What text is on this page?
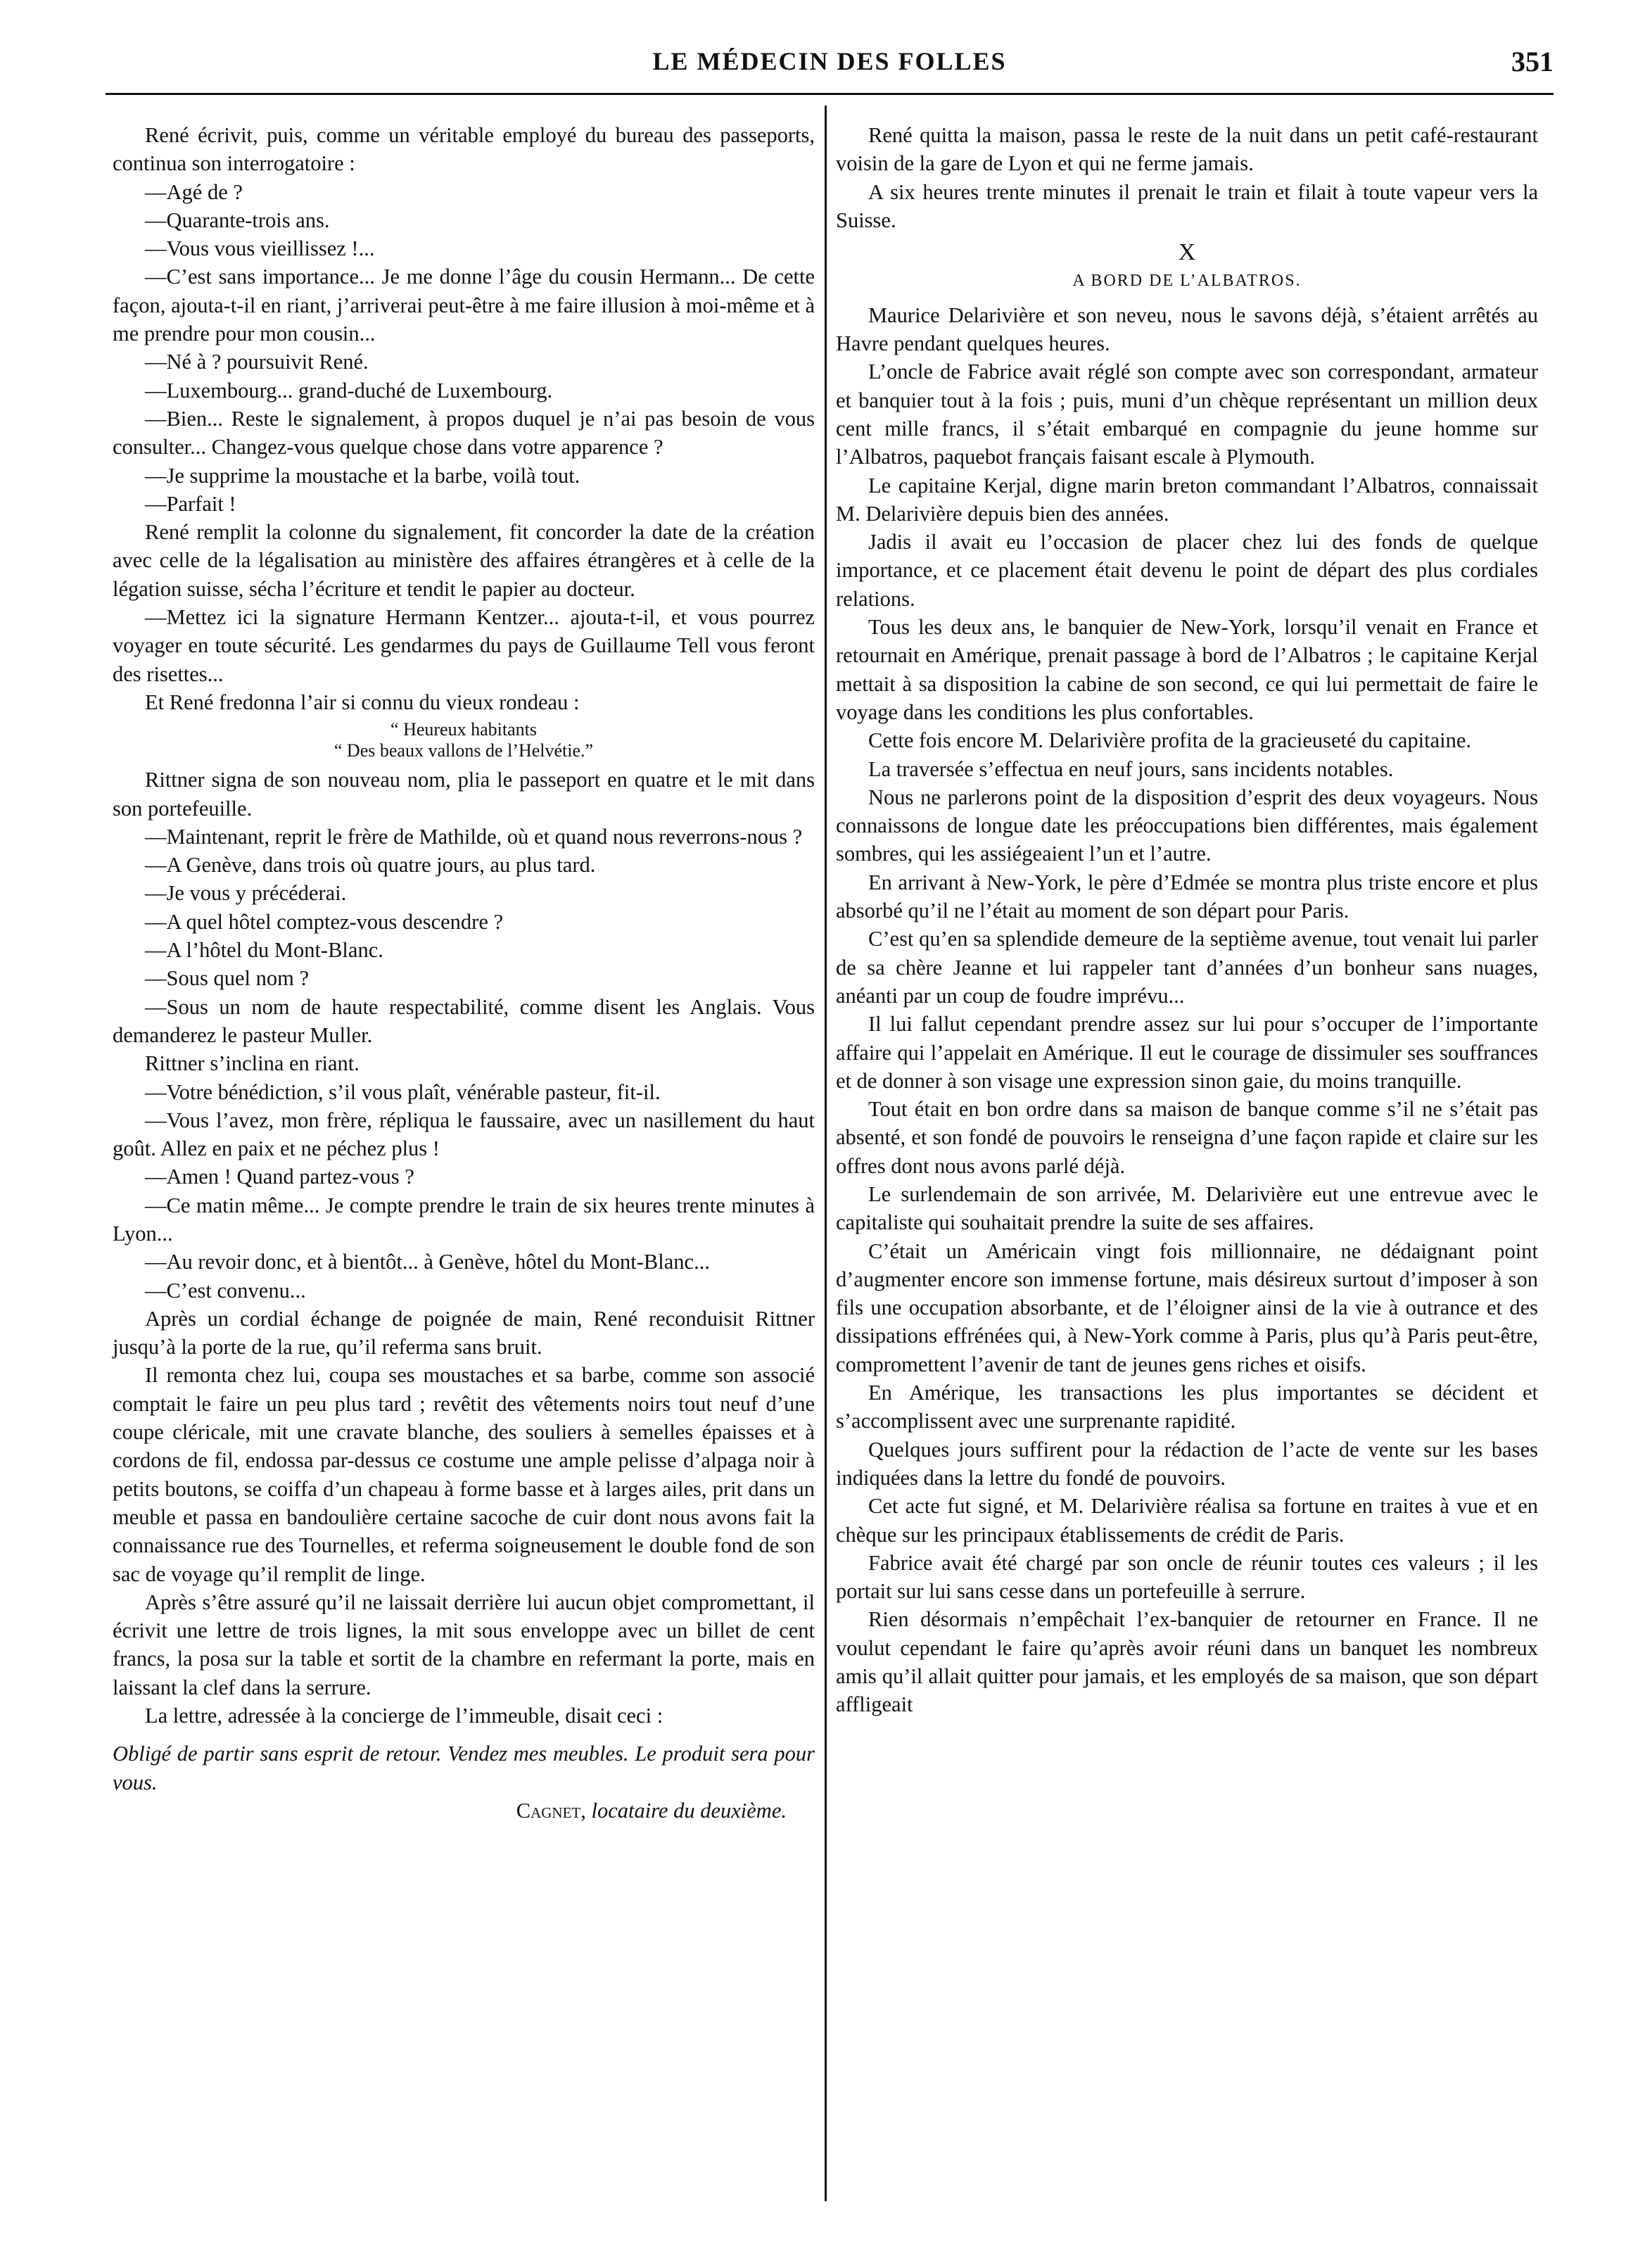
LE MÉDECIN DES FOLLES	351

René écrivit, puis, comme un véritable employé du bureau des passeports, continua son interrogatoire :

—Agé de ?

—Quarante-trois ans.

—Vous vous vieillissez !...

—C’est sans importance... Je me donne l’âge du cousin Hermann... De cette façon, ajouta-t-il en riant, j’arriverai peut-être à me faire illusion à moi-même et à me prendre pour mon cousin...

—Né à ? poursuivit René.

—Luxembourg... grand-duché de Luxembourg.

—Bien... Reste le signalement, à propos duquel je n’ai pas besoin de vous consulter... Changez-vous quelque chose dans votre apparence ?

—Je supprime la moustache et la barbe, voilà tout.

—Parfait !

René remplit la colonne du signalement, fit concorder la date de la création avec celle de la légalisation au ministère des affaires étrangères et à celle de la légation suisse, sécha l’écriture et tendit le papier au docteur.

—Mettez ici la signature Hermann Kentzer... ajouta-t-il, et vous pourrez voyager en toute sécurité. Les gendarmes du pays de Guillaume Tell vous feront des risettes...

Et René fredonna l’air si connu du vieux rondeau :

“ Heureux habitants

“ Des beaux vallons de l’Helvétie.”

Rittner signa de son nouveau nom, plia le passeport en quatre et le mit dans son portefeuille.

—Maintenant, reprit le frère de Mathilde, où et quand nous reverrons-nous ?

—A Genève, dans trois où quatre jours, au plus tard.

—Je vous y précéderai.

—A quel hôtel comptez-vous descendre ?

—A l’hôtel du Mont-Blanc.

—Sous quel nom ?

—Sous un nom de haute respectabilité, comme disent les Anglais. Vous demanderez le pasteur Muller.

Rittner s’inclina en riant.

—Votre bénédiction, s’il vous plaît, vénérable pasteur, fit-il.

—Vous l’avez, mon frère, répliqua le faussaire, avec un nasillement du haut goût. Allez en paix et ne péchez plus !

—Amen ! Quand partez-vous ?

—Ce matin même... Je compte prendre le train de six heures trente minutes à Lyon...

—Au revoir donc, et à bientôt... à Genève, hôtel du Mont-Blanc...

—C’est convenu...

Après un cordial échange de poignée de main, René reconduisit Rittner jusqu’à la porte de la rue, qu’il referma sans bruit.

Il remonta chez lui, coupa ses moustaches et sa barbe, comme son associé comptait le faire un peu plus tard ; revêtit des vêtements noirs tout neuf d’une coupe cléricale, mit une cravate blanche, des souliers à semelles épaisses et à cordons de fil, endossa par-dessus ce costume une ample pelisse d’alpaga noir à petits boutons, se coiffa d’un chapeau à forme basse et à larges ailes, prit dans un meuble et passa en bandoulière certaine sacoche de cuir dont nous avons fait la connaissance rue des Tournelles, et referma soigneusement le double fond de son sac de voyage qu’il remplit de linge.

Après s’être assuré qu’il ne laissait derrière lui aucun objet compromettant, il écrivit une lettre de trois lignes, la mit sous enveloppe avec un billet de cent francs, la posa sur la table et sortit de la chambre en refermant la porte, mais en laissant la clef dans la serrure.

La lettre, adressée à la concierge de l’immeuble, disait ceci :

Obligé de partir sans esprit de retour. Vendez mes meubles. Le produit sera pour vous.

Cagnet, locataire du deuxième.

René quitta la maison, passa le reste de la nuit dans un petit café-restaurant voisin de la gare de Lyon et qui ne ferme jamais.

A six heures trente minutes il prenait le train et filait à toute vapeur vers la Suisse.

X

A BORD DE L’ALBATROS.

Maurice Delarivière et son neveu, nous le savons déjà, s’étaient arrêtés au Havre pendant quelques heures.

L’oncle de Fabrice avait réglé son compte avec son correspondant, armateur et banquier tout à la fois ; puis, muni d’un chèque représentant un million deux cent mille francs, il s’était embarqué en compagnie du jeune homme sur l’Albatros, paquebot français faisant escale à Plymouth.

Le capitaine Kerjal, digne marin breton commandant l’Albatros, connaissait M. Delarivière depuis bien des années.

Jadis il avait eu l’occasion de placer chez lui des fonds de quelque importance, et ce placement était devenu le point de départ des plus cordiales relations.

Tous les deux ans, le banquier de New-York, lorsqu’il venait en France et retournait en Amérique, prenait passage à bord de l’Albatros ; le capitaine Kerjal mettait à sa disposition la cabine de son second, ce qui lui permettait de faire le voyage dans les conditions les plus confortables.

Cette fois encore M. Delarivière profita de la gracieuseté du capitaine.

La traversée s’effectua en neuf jours, sans incidents notables.

Nous ne parlerons point de la disposition d’esprit des deux voyageurs. Nous connaissons de longue date les préoccupations bien différentes, mais également sombres, qui les assiégeaient l’un et l’autre.

En arrivant à New-York, le père d’Edmée se montra plus triste encore et plus absorbé qu’il ne l’était au moment de son départ pour Paris.

C’est qu’en sa splendide demeure de la septième avenue, tout venait lui parler de sa chère Jeanne et lui rappeler tant d’années d’un bonheur sans nuages, anéanti par un coup de foudre imprévu...

Il lui fallut cependant prendre assez sur lui pour s’occuper de l’importante affaire qui l’appelait en Amérique. Il eut le courage de dissimuler ses souffrances et de donner à son visage une expression sinon gaie, du moins tranquille.

Tout était en bon ordre dans sa maison de banque comme s’il ne s’était pas absenté, et son fondé de pouvoirs le renseigna d’une façon rapide et claire sur les offres dont nous avons parlé déjà.

Le surlendemain de son arrivée, M. Delarivière eut une entrevue avec le capitaliste qui souhaitait prendre la suite de ses affaires.

C’était un Américain vingt fois millionnaire, ne dédaignant point d’augmenter encore son immense fortune, mais désireux surtout d’imposer à son fils une occupation absorbante, et de l’éloigner ainsi de la vie à outrance et des dissipations effrénées qui, à New-York comme à Paris, plus qu’à Paris peut-être, compromettent l’avenir de tant de jeunes gens riches et oisifs.

En Amérique, les transactions les plus importantes se décident et s’accomplissent avec une surprenante rapidité.

Quelques jours suffirent pour la rédaction de l’acte de vente sur les bases indiquées dans la lettre du fondé de pouvoirs.

Cet acte fut signé, et M. Delarivière réalisa sa fortune en traites à vue et en chèque sur les principaux établissements de crédit de Paris.

Fabrice avait été chargé par son oncle de réunir toutes ces valeurs ; il les portait sur lui sans cesse dans un portefeuille à serrure.

Rien désormais n’empêchait l’ex-banquier de retourner en France. Il ne voulut cependant le faire qu’après avoir réuni dans un banquet les nombreux amis qu’il allait quitter pour jamais, et les employés de sa maison, que son départ affligeait
